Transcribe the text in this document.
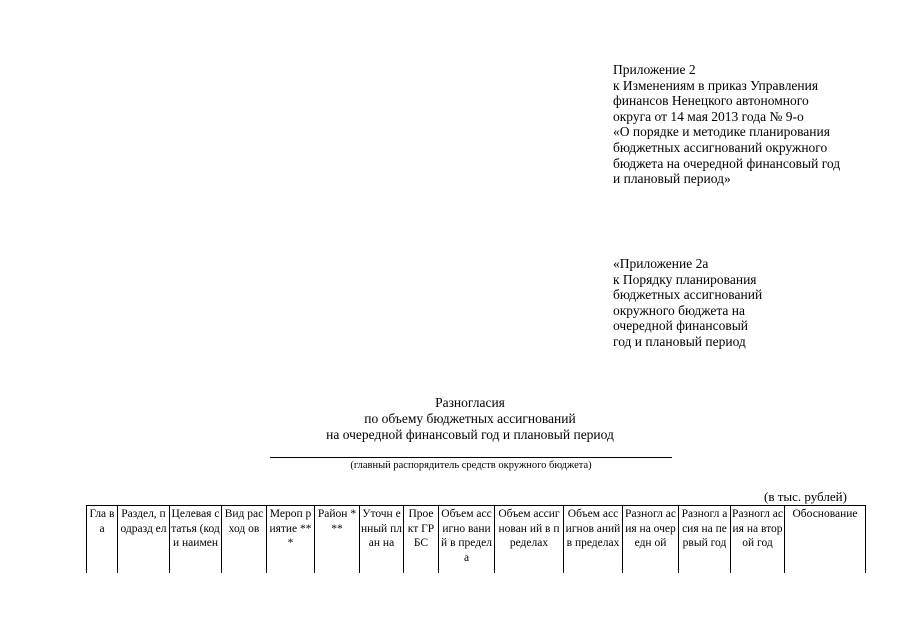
Приложение 2
к Изменениям в приказ Управления
финансов Ненецкого автономного
округа от 14 мая 2013 года № 9-о
«О порядке и методике планирования
бюджетных ассигнований окружного
бюджета на очередной финансовый год
и плановый период»
«Приложение 2а
к Порядку планирования
бюджетных ассигнований
окружного бюджета на
очередной финансовый
год и плановый период
Разногласия
по объему бюджетных ассигнований
на очередной финансовый год и плановый период
(главный распорядитель средств окружного бюджета)
(в тыс. рублей)
Гла ва	Раздел, подразд ел	Целевая статья (код и наимен	Вид расход ов	Мероп риятие ***	Район ***	Уточн енный план на	Прое кт ГРБС	Объем ассигно ваний в предела	Объем ассигнован ий в пределах	Объем ассигнов аний в пределах	Разногл асия на очередн ой	Разногл асия на первый год	Разногл асия на второй год	Обоснование
